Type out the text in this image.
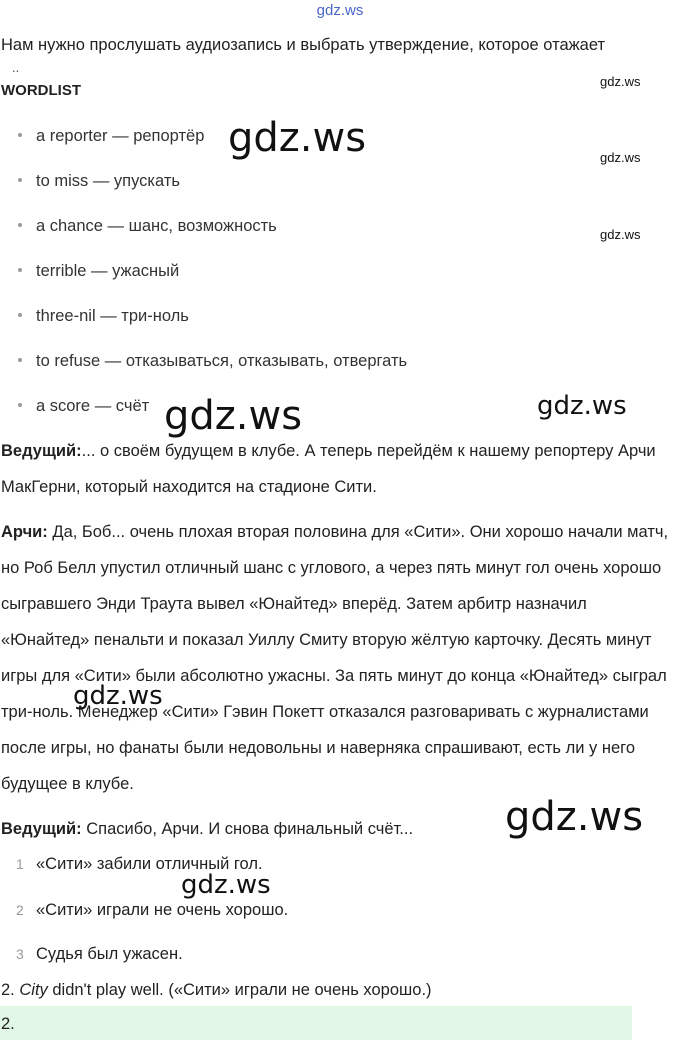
gdz.ws
Нам нужно прослушать аудиозапись и выбрать утверждение, которое отажает
..
WORDLIST
a reporter — репортёр
to miss — упускать
a chance — шанс, возможность
terrible — ужасный
three-nil — три-ноль
to refuse — отказываться, отказывать, отвергать
a score — счёт
Ведущий:... о своём будущем в клубе. А теперь перейдём к нашему репортеру Арчи МакГерни, который находится на стадионе Сити.
Арчи: Да, Боб... очень плохая вторая половина для «Сити». Они хорошо начали матч, но Роб Белл упустил отличный шанс с углового, а через пять минут гол очень хорошо сыгравшего Энди Траута вывел «Юнайтед» вперёд. Затем арбитр назначил «Юнайтед» пенальти и показал Уиллу Смиту вторую жёлтую карточку. Десять минут игры для «Сити» были абсолютно ужасны. За пять минут до конца «Юнайтед» сыграл три-ноль. Менеджер «Сити» Гэвин Покетт отказался разговаривать с журналистами после игры, но фанаты были недовольны и наверняка спрашивают, есть ли у него будущее в клубе.
Ведущий: Спасибо, Арчи. И снова финальный счёт...
1 «Сити» забили отличный гол.
2 «Сити» играли не очень хорошо.
3 Судья был ужасен.
2. City didn't play well. («Сити» играли не очень хорошо.)
2.
gdz.ws
gdz.ws
gdz.ws
gdz.ws
gdz.ws	gdz.ws
gdz.ws
gdz.ws
gdz.ws
